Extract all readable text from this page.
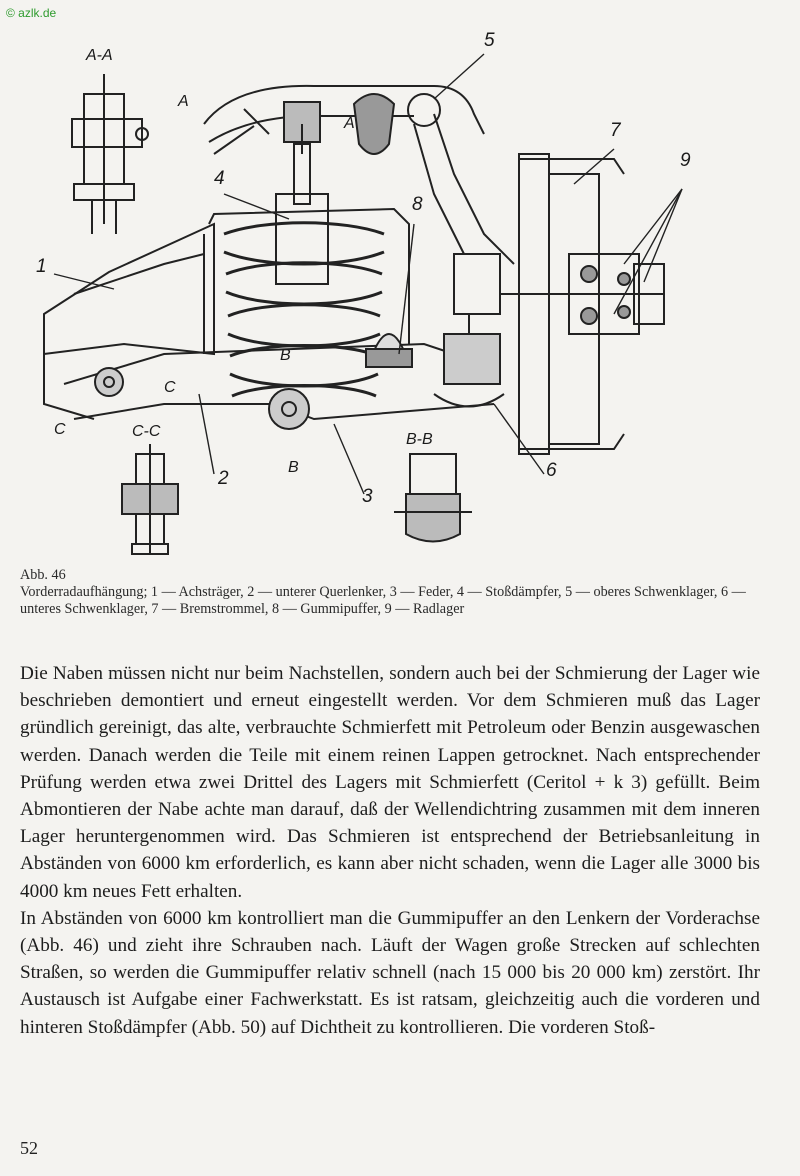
© azlk.de
1
2
3
4
5
6
7
8
9
A-A
B-B
C-C
A
A
B
B
C
C
Abb. 46
Vorderradaufhängung; 1 — Achsträger, 2 — unterer Querlenker, 3 — Feder, 4 — Stoßdämpfer, 5 — oberes Schwenklager, 6 — unteres Schwenklager, 7 — Bremstrommel, 8 — Gummipuffer, 9 — Radlager

Die Naben müssen nicht nur beim Nachstellen, sondern auch bei der Schmierung der Lager wie beschrieben demontiert und erneut eingestellt werden. Vor dem Schmieren muß das Lager gründlich gereinigt, das alte, verbrauchte Schmierfett mit Petroleum oder Benzin ausgewaschen werden. Danach werden die Teile mit einem reinen Lappen getrocknet. Nach entsprechender Prüfung werden etwa zwei Drittel des Lagers mit Schmierfett (Ceritol + k 3) gefüllt. Beim Abmontieren der Nabe achte man darauf, daß der Wellendichtring zusammen mit dem inneren Lager heruntergenommen wird. Das Schmieren ist entsprechend der Betriebsanleitung in Abständen von 6000 km erforderlich, es kann aber nicht schaden, wenn die Lager alle 3000 bis 4000 km neues Fett erhalten.

In Abständen von 6000 km kontrolliert man die Gummipuffer an den Lenkern der Vorderachse (Abb. 46) und zieht ihre Schrauben nach. Läuft der Wagen große Strecken auf schlechten Straßen, so werden die Gummipuffer relativ schnell (nach 15 000 bis 20 000 km) zerstört. Ihr Austausch ist Aufgabe einer Fachwerkstatt. Es ist ratsam, gleichzeitig auch die vorderen und hinteren Stoßdämpfer (Abb. 50) auf Dichtheit zu kontrollieren. Die vorderen Stoß-

52
